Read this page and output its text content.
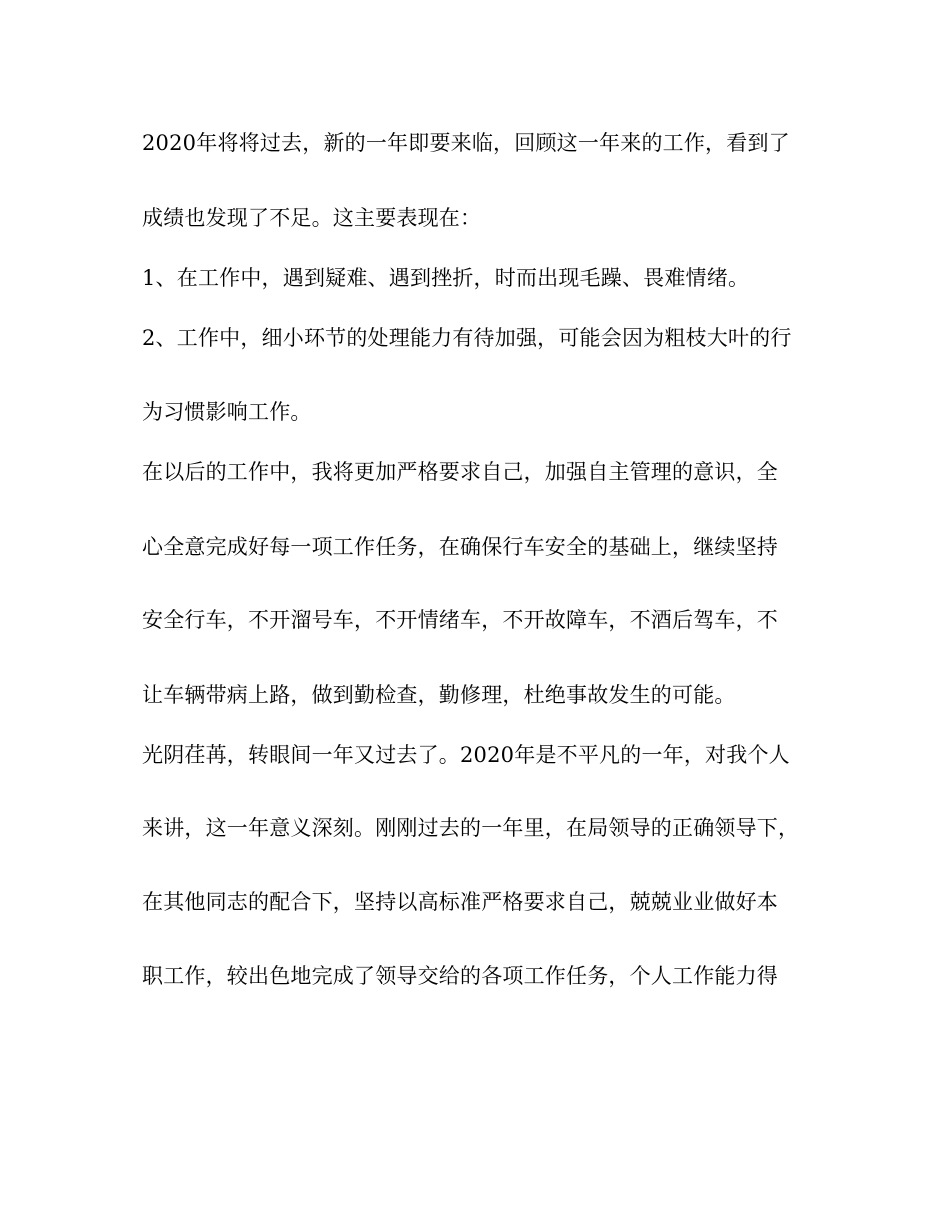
2020年将将过去，新的一年即要来临，回顾这一年来的工作，看到了
成绩也发现了不足。这主要表现在：
1、在工作中，遇到疑难、遇到挫折，时而出现毛躁、畏难情绪。
2、工作中，细小环节的处理能力有待加强，可能会因为粗枝大叶的行
为习惯影响工作。
在以后的工作中，我将更加严格要求自己，加强自主管理的意识，全
心全意完成好每一项工作任务，在确保行车安全的基础上，继续坚持
安全行车，不开溜号车，不开情绪车，不开故障车，不酒后驾车，不
让车辆带病上路，做到勤检查，勤修理，杜绝事故发生的可能。
光阴荏苒，转眼间一年又过去了。2020年是不平凡的一年，对我个人
来讲，这一年意义深刻。刚刚过去的一年里，在局领导的正确领导下，
在其他同志的配合下，坚持以高标准严格要求自己，兢兢业业做好本
职工作，较出色地完成了领导交给的各项工作任务，个人工作能力得
